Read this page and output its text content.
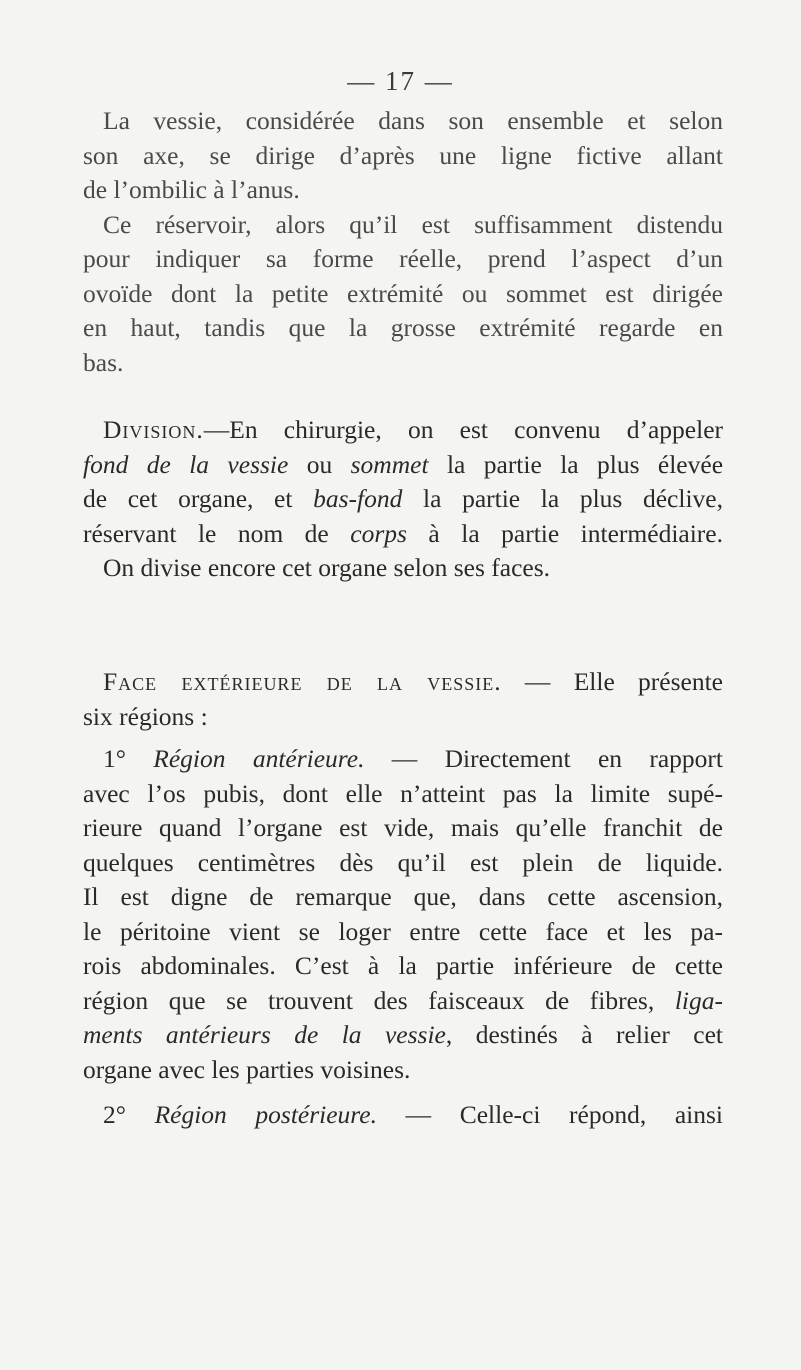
— 17 —
La vessie, considérée dans son ensemble et selon
son axe, se dirige d’après une ligne fictive allant
de l’ombilic à l’anus.
Ce réservoir, alors qu’il est suffisamment distendu
pour indiquer sa forme réelle, prend l’aspect d’un
ovoïde dont la petite extrémité ou sommet est dirigée
en haut, tandis que la grosse extrémité regarde en
bas.
Division.—En chirurgie, on est convenu d’appeler
fond de la vessie ou sommet la partie la plus élevée
de cet organe, et bas-fond la partie la plus déclive,
réservant le nom de corps à la partie intermédiaire.
On divise encore cet organe selon ses faces.
Face extérieure de la vessie. — Elle présente
six régions :
1° Région antérieure. — Directement en rapport
avec l’os pubis, dont elle n’atteint pas la limite supé-
rieure quand l’organe est vide, mais qu’elle franchit de
quelques centimètres dès qu’il est plein de liquide.
Il est digne de remarque que, dans cette ascension,
le péritoine vient se loger entre cette face et les pa-
rois abdominales. C’est à la partie inférieure de cette
région que se trouvent des faisceaux de fibres, liga-
ments antérieurs de la vessie, destinés à relier cet
organe avec les parties voisines.
2° Région postérieure. — Celle-ci répond, ainsi
